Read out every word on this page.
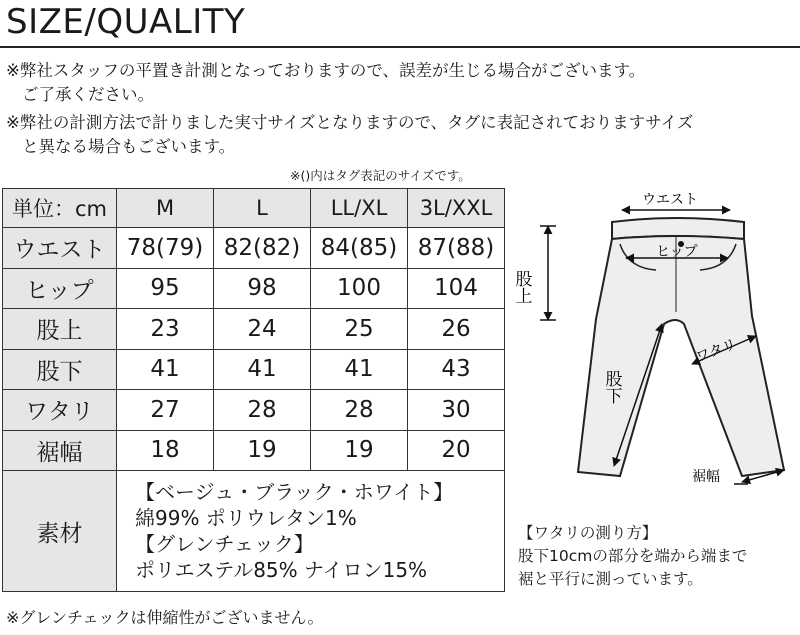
SIZE/QUALITY
※弊社スタッフの平置き計測となっておりますので、誤差が生じる場合がございます。
ご了承ください。
※弊社の計測方法で計りました実寸サイズとなりますので、タグに表記されておりますサイズ
と異なる場合もございます。
※()内はタグ表記のサイズです。
単位：cm	M	L	LL/XL	3L/XXL
ウエスト	78(79)	82(82)	84(85)	87(88)
ヒップ	95	98	100	104
股上	23	24	25	26
股下	41	41	41	43
ワタリ	27	28	28	30
裾幅	18	19	19	20
素材	【ベージュ・ブラック・ホワイト】
綿99% ポリウレタン1%
【グレンチェック】
ポリエステル85% ナイロン15%			
ウエスト
ヒップ
股上
股下
ワタリ
裾幅
【ワタリの測り方】
股下10cmの部分を端から端まで
裾と平行に測っています。
※グレンチェックは伸縮性がございません。
